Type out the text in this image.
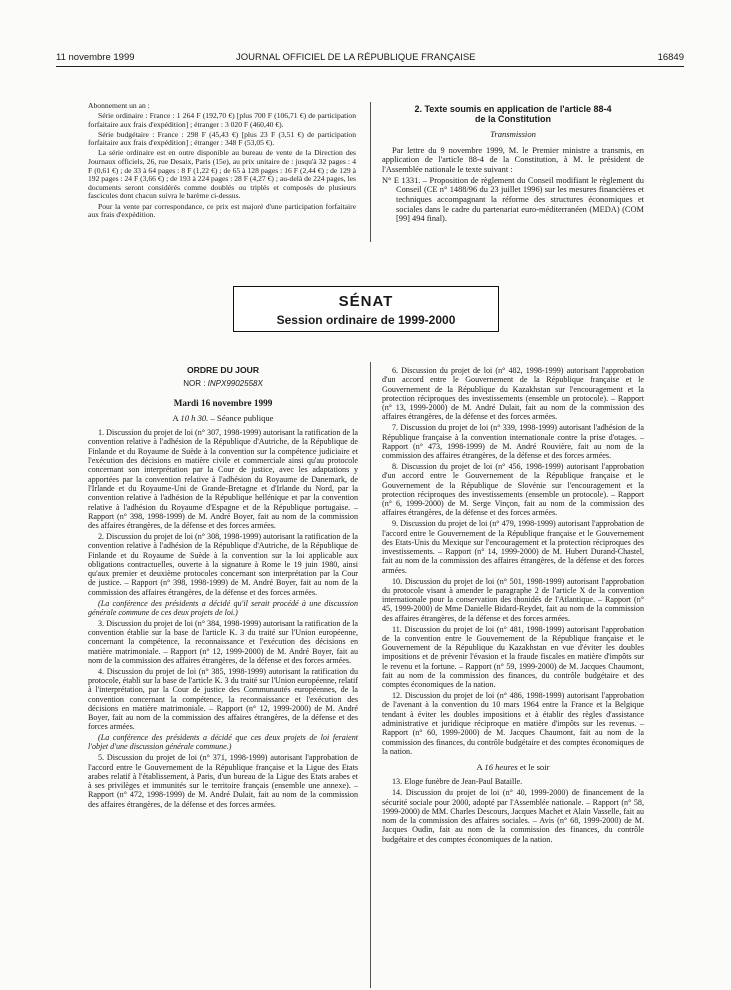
11 novembre 1999	JOURNAL OFFICIEL DE LA RÉPUBLIQUE FRANÇAISE	16849

Abonnement un an :

Série ordinaire : France : 1 264 F (192,70 €) [plus 700 F (106,71 €) de participation forfaitaire aux frais d'expédition] ; étranger : 3 020 F (460,40 €).

Série budgétaire : France : 298 F (45,43 €) [plus 23 F (3,51 €) de participation forfaitaire aux frais d'expédition] ; étranger : 348 F (53,05 €).

La série ordinaire est en outre disponible au bureau de vente de la Direction des Journaux officiels, 26, rue Desaix, Paris (15e), au prix unitaire de : jusqu'à 32 pages : 4 F (0,61 €) ; de 33 à 64 pages : 8 F (1,22 €) ; de 65 à 128 pages : 16 F (2,44 €) ; de 129 à 192 pages : 24 F (3,66 €) ; de 193 à 224 pages : 28 F (4,27 €) ; au-delà de 224 pages, les documents seront considérés comme doublés ou triplés et composés de plusieurs fascicules dont chacun suivra le barème ci-dessus.

Pour la vente par correspondance, ce prix est majoré d'une participation forfaitaire aux frais d'expédition.

2. Texte soumis en application de l'article 88-4
de la Constitution
Transmission

Par lettre du 9 novembre 1999, M. le Premier ministre a transmis, en application de l'article 88-4 de la Constitution, à M. le président de l'Assemblée nationale le texte suivant :

N° E 1331. – Proposition de règlement du Conseil modifiant le règlement du Conseil (CE n° 1488/96 du 23 juillet 1996) sur les mesures financières et techniques accompagnant la réforme des structures économiques et sociales dans le cadre du partenariat euro-méditerranéen (MEDA) (COM [99] 494 final).

SÉNAT
Session ordinaire de 1999-2000
ORDRE DU JOUR
NOR : INPX9902558X
Mardi 16 novembre 1999
A 10 h 30. – Séance publique

1. Discussion du projet de loi (n° 307, 1998-1999) autorisant la ratification de la convention relative à l'adhésion de la République d'Autriche, de la République de Finlande et du Royaume de Suède à la convention sur la compétence judiciaire et l'exécution des décisions en matière civile et commerciale ainsi qu'au protocole concernant son interprétation par la Cour de justice, avec les adaptations y apportées par la convention relative à l'adhésion du Royaume de Danemark, de l'Irlande et du Royaume-Uni de Grande-Bretagne et d'Irlande du Nord, par la convention relative à l'adhésion de la République hellénique et par la convention relative à l'adhésion du Royaume d'Espagne et de la République portugaise. – Rapport (n° 398, 1998-1999) de M. André Boyer, fait au nom de la commission des affaires étrangères, de la défense et des forces armées.

2. Discussion du projet de loi (n° 308, 1998-1999) autorisant la ratification de la convention relative à l'adhésion de la République d'Autriche, de la République de Finlande et du Royaume de Suède à la convention sur la loi applicable aux obligations contractuelles, ouverte à la signature à Rome le 19 juin 1980, ainsi qu'aux premier et deuxième protocoles concernant son interprétation par la Cour de justice. – Rapport (n° 398, 1998-1999) de M. André Boyer, fait au nom de la commission des affaires étrangères, de la défense et des forces armées.

(La conférence des présidents a décidé qu'il serait procédé à une discussion générale commune de ces deux projets de loi.)

3. Discussion du projet de loi (n° 384, 1998-1999) autorisant la ratification de la convention établie sur la base de l'article K. 3 du traité sur l'Union européenne, concernant la compétence, la reconnaissance et l'exécution des décisions en matière matrimoniale. – Rapport (n° 12, 1999-2000) de M. André Boyer, fait au nom de la commission des affaires étrangères, de la défense et des forces armées.

4. Discussion du projet de loi (n° 385, 1998-1999) autorisant la ratification du protocole, établi sur la base de l'article K. 3 du traité sur l'Union européenne, relatif à l'interprétation, par la Cour de justice des Communautés européennes, de la convention concernant la compétence, la reconnaissance et l'exécution des décisions en matière matrimoniale. – Rapport (n° 12, 1999-2000) de M. André Boyer, fait au nom de la commission des affaires étrangères, de la défense et des forces armées.

(La conférence des présidents a décidé que ces deux projets de loi feraient l'objet d'une discussion générale commune.)

5. Discussion du projet de loi (n° 371, 1998-1999) autorisant l'approbation de l'accord entre le Gouvernement de la République française et la Ligue des Etats arabes relatif à l'établissement, à Paris, d'un bureau de la Ligue des Etats arabes et à ses privilèges et immunités sur le territoire français (ensemble une annexe). – Rapport (n° 472, 1998-1999) de M. André Dulait, fait au nom de la commission des affaires étrangères, de la défense et des forces armées.

6. Discussion du projet de loi (n° 482, 1998-1999) autorisant l'approbation d'un accord entre le Gouvernement de la République française et le Gouvernement de la République du Kazakhstan sur l'encouragement et la protection réciproques des investissements (ensemble un protocole). – Rapport (n° 13, 1999-2000) de M. André Dulait, fait au nom de la commission des affaires étrangères, de la défense et des forces armées.

7. Discussion du projet de loi (n° 339, 1998-1999) autorisant l'adhésion de la République française à la convention internationale contre la prise d'otages. – Rapport (n° 473, 1998-1999) de M. André Rouvière, fait au nom de la commission des affaires étrangères, de la défense et des forces armées.

8. Discussion du projet de loi (n° 456, 1998-1999) autorisant l'approbation d'un accord entre le Gouvernement de la République française et le Gouvernement de la République de Slovénie sur l'encouragement et la protection réciproques des investissements (ensemble un protocole). – Rapport (n° 6, 1999-2000) de M. Serge Vinçon, fait au nom de la commission des affaires étrangères, de la défense et des forces armées.

9. Discussion du projet de loi (n° 479, 1998-1999) autorisant l'approbation de l'accord entre le Gouvernement de la République française et le Gouvernement des Etats-Unis du Mexique sur l'encouragement et la protection réciproques des investissements. – Rapport (n° 14, 1999-2000) de M. Hubert Durand-Chastel, fait au nom de la commission des affaires étrangères, de la défense et des forces armées.

10. Discussion du projet de loi (n° 501, 1998-1999) autorisant l'approbation du protocole visant à amender le paragraphe 2 de l'article X de la convention internationale pour la conservation des thonidés de l'Atlantique. – Rapport (n° 45, 1999-2000) de Mme Danielle Bidard-Reydet, fait au nom de la commission des affaires étrangères, de la défense et des forces armées.

11. Discussion du projet de loi (n° 481, 1998-1999) autorisant l'approbation de la convention entre le Gouvernement de la République française et le Gouvernement de la République du Kazakhstan en vue d'éviter les doubles impositions et de prévenir l'évasion et la fraude fiscales en matière d'impôts sur le revenu et la fortune. – Rapport (n° 59, 1999-2000) de M. Jacques Chaumont, fait au nom de la commission des finances, du contrôle budgétaire et des comptes économiques de la nation.

12. Discussion du projet de loi (n° 486, 1998-1999) autorisant l'approbation de l'avenant à la convention du 10 mars 1964 entre la France et la Belgique tendant à éviter les doubles impositions et à établir des règles d'assistance administrative et juridique réciproque en matière d'impôts sur les revenus. – Rapport (n° 60, 1999-2000) de M. Jacques Chaumont, fait au nom de la commission des finances, du contrôle budgétaire et des comptes économiques de la nation.

A 16 heures et le soir

13. Eloge funèbre de Jean-Paul Bataille.

14. Discussion du projet de loi (n° 40, 1999-2000) de financement de la sécurité sociale pour 2000, adopté par l'Assemblée nationale. – Rapport (n° 58, 1999-2000) de MM. Charles Descours, Jacques Machet et Alain Vasselle, fait au nom de la commission des affaires sociales. – Avis (n° 68, 1999-2000) de M. Jacques Oudin, fait au nom de la commission des finances, du contrôle budgétaire et des comptes économiques de la nation.
